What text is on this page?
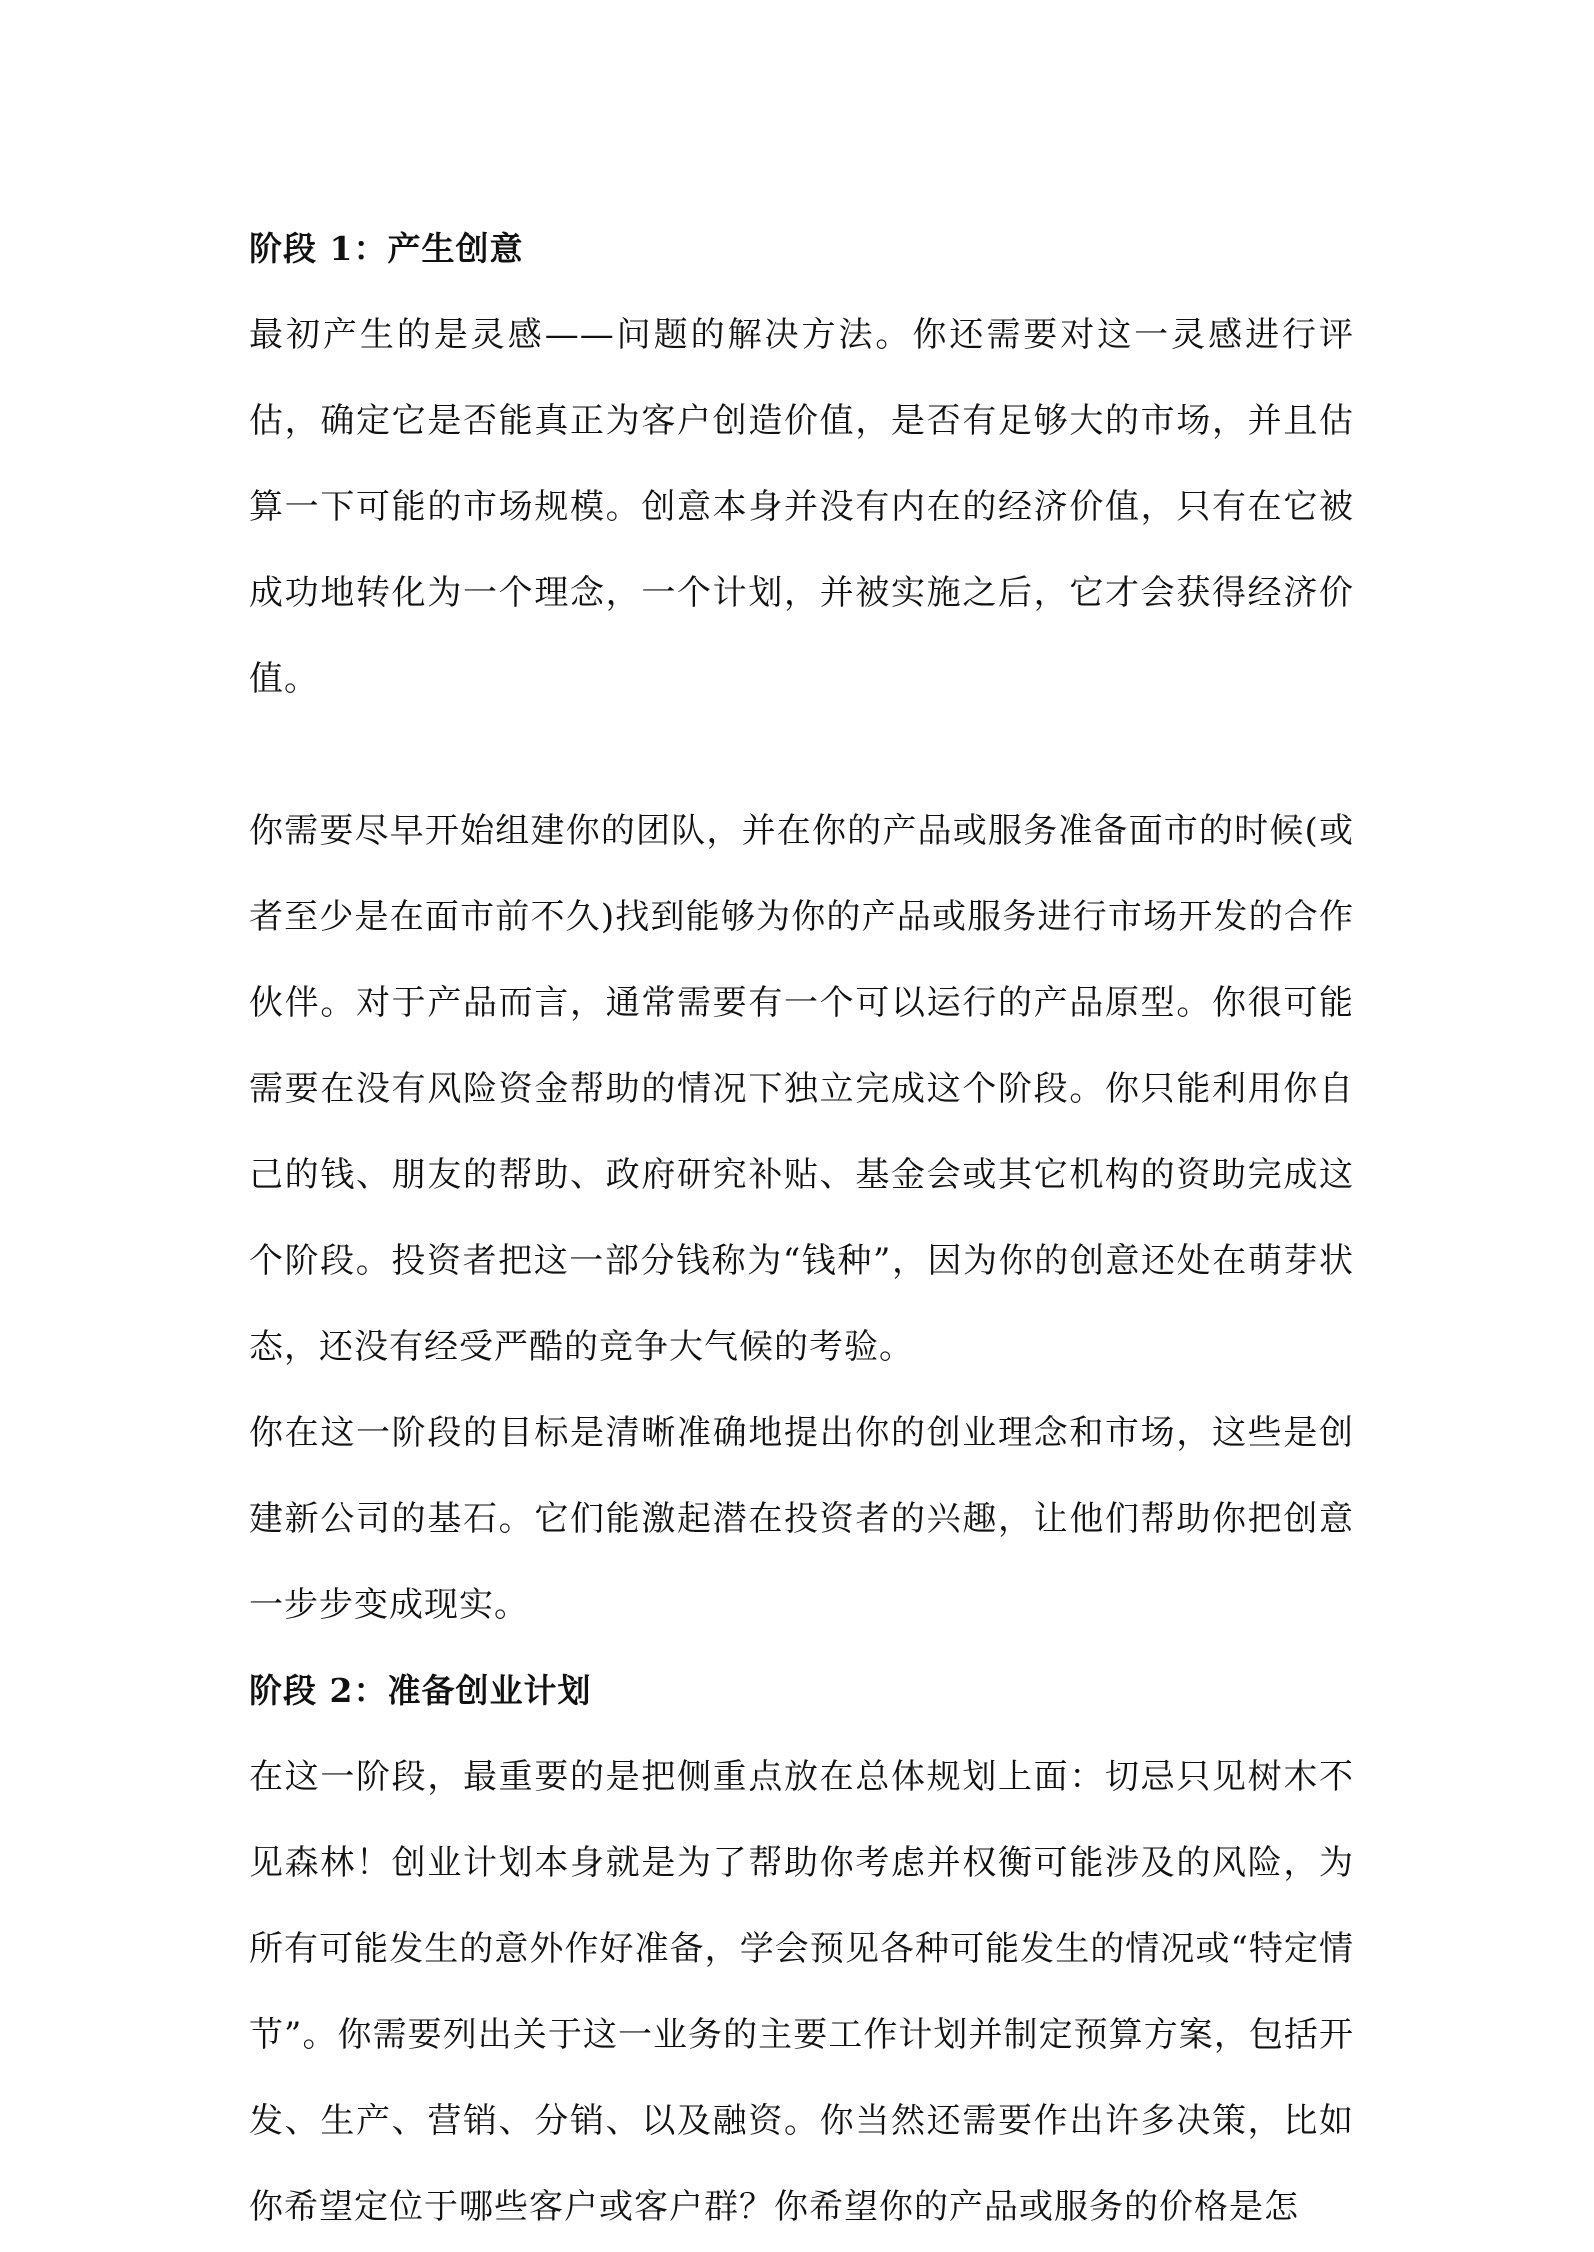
阶段 1：产生创意

最初产生的是灵感——问题的解决方法。你还需要对这一灵感进行评估，确定它是否能真正为客户创造价值，是否有足够大的市场，并且估算一下可能的市场规模。创意本身并没有内在的经济价值，只有在它被成功地转化为一个理念，一个计划，并被实施之后，它才会获得经济价值。

你需要尽早开始组建你的团队，并在你的产品或服务准备面市的时候(或者至少是在面市前不久)找到能够为你的产品或服务进行市场开发的合作伙伴。对于产品而言，通常需要有一个可以运行的产品原型。你很可能需要在没有风险资金帮助的情况下独立完成这个阶段。你只能利用你自己的钱、朋友的帮助、政府研究补贴、基金会或其它机构的资助完成这个阶段。投资者把这一部分钱称为“钱种”，因为你的创意还处在萌芽状态，还没有经受严酷的竞争大气候的考验。

你在这一阶段的目标是清晰准确地提出你的创业理念和市场，这些是创建新公司的基石。它们能激起潜在投资者的兴趣，让他们帮助你把创意一步步变成现实。

阶段 2：准备创业计划

在这一阶段，最重要的是把侧重点放在总体规划上面：切忌只见树木不见森林！创业计划本身就是为了帮助你考虑并权衡可能涉及的风险，为所有可能发生的意外作好准备，学会预见各种可能发生的情况或“特定情节”。你需要列出关于这一业务的主要工作计划并制定预算方案，包括开发、生产、营销、分销、以及融资。你当然还需要作出许多决策，比如你希望定位于哪些客户或客户群？你希望你的产品或服务的价格是怎
